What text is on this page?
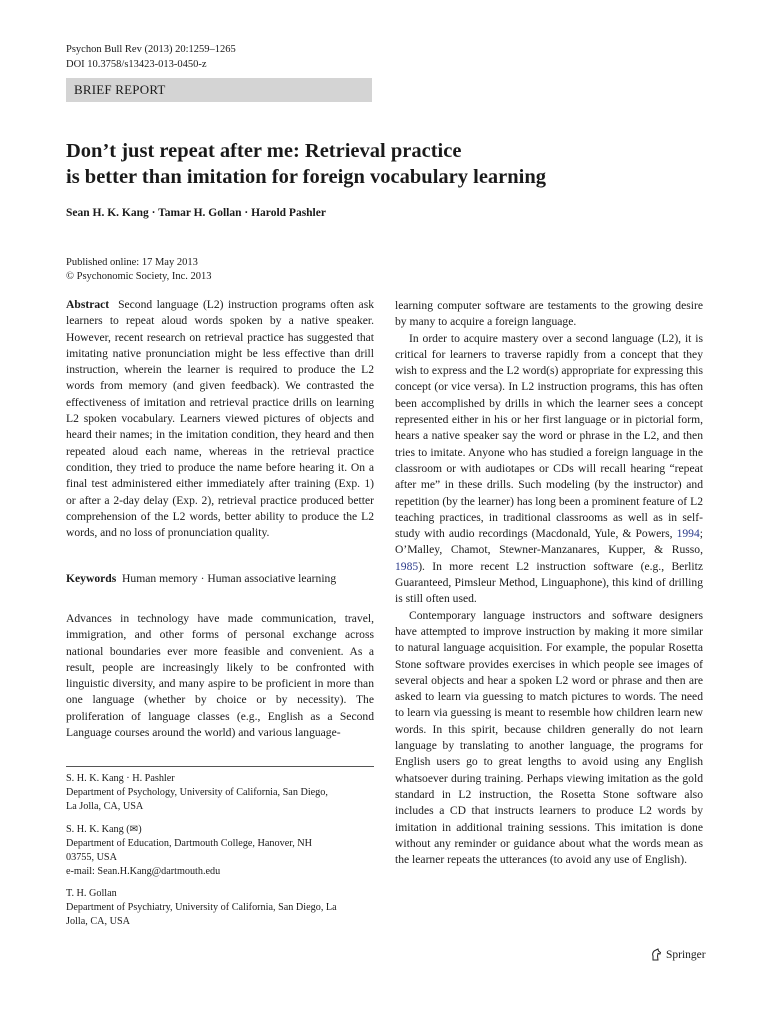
Psychon Bull Rev (2013) 20:1259–1265
DOI 10.3758/s13423-013-0450-z
BRIEF REPORT
Don’t just repeat after me: Retrieval practice
is better than imitation for foreign vocabulary learning
Sean H. K. Kang · Tamar H. Gollan · Harold Pashler
Published online: 17 May 2013
© Psychonomic Society, Inc. 2013

Abstract Second language (L2) instruction programs often ask learners to repeat aloud words spoken by a native speaker. However, recent research on retrieval practice has suggested that imitating native pronunciation might be less effective than drill instruction, wherein the learner is required to produce the L2 words from memory (and given feedback). We contrasted the effectiveness of imitation and retrieval practice drills on learning L2 spoken vocabulary. Learners viewed pictures of objects and heard their names; in the imitation condition, they heard and then repeated aloud each name, whereas in the retrieval practice condition, they tried to produce the name before hearing it. On a final test administered either immediately after training (Exp. 1) or after a 2-day delay (Exp. 2), retrieval practice produced better comprehension of the L2 words, better ability to produce the L2 words, and no loss of pronunciation quality.

Keywords Human memory · Human associative learning

Advances in technology have made communication, travel, immigration, and other forms of personal exchange across national boundaries ever more feasible and convenient. As a result, people are increasingly likely to be confronted with linguistic diversity, and many aspire to be proficient in more than one language (whether by choice or by necessity). The proliferation of language classes (e.g., English as a Second Language courses around the world) and various language-

S. H. K. Kang · H. Pashler
Department of Psychology, University of California, San Diego,
La Jolla, CA, USA
S. H. K. Kang (✉)
Department of Education, Dartmouth College, Hanover, NH
03755, USA
e-mail: Sean.H.Kang@dartmouth.edu
T. H. Gollan
Department of Psychiatry, University of California, San Diego, La
Jolla, CA, USA

learning computer software are testaments to the growing desire by many to acquire a foreign language.

In order to acquire mastery over a second language (L2), it is critical for learners to traverse rapidly from a concept that they wish to express and the L2 word(s) appropriate for expressing this concept (or vice versa). In L2 instruction programs, this has often been accomplished by drills in which the learner sees a concept represented either in his or her first language or in pictorial form, hears a native speaker say the word or phrase in the L2, and then tries to imitate. Anyone who has studied a foreign language in the classroom or with audiotapes or CDs will recall hearing “repeat after me” in these drills. Such modeling (by the instructor) and repetition (by the learner) has long been a prominent feature of L2 teaching practices, in traditional classrooms as well as in self-study with audio recordings (Macdonald, Yule, & Powers, 1994; O’Malley, Chamot, Stewner-Manzanares, Kupper, & Russo, 1985). In more recent L2 instruction software (e.g., Berlitz Guaranteed, Pimsleur Method, Linguaphone), this kind of drilling is still often used.

Contemporary language instructors and software designers have attempted to improve instruction by making it more similar to natural language acquisition. For example, the popular Rosetta Stone software provides exercises in which people see images of several objects and hear a spoken L2 word or phrase and then are asked to learn via guessing to match pictures to words. The need to learn via guessing is meant to resemble how children learn new words. In this spirit, because children generally do not learn language by translating to another language, the programs for English users go to great lengths to avoid using any English whatsoever during training. Perhaps viewing imitation as the gold standard in L2 instruction, the Rosetta Stone software also includes a CD that instructs learners to produce L2 words by imitation in additional training sessions. This imitation is done without any reminder or guidance about what the words mean as the learner repeats the utterances (to avoid any use of English).

Springer
